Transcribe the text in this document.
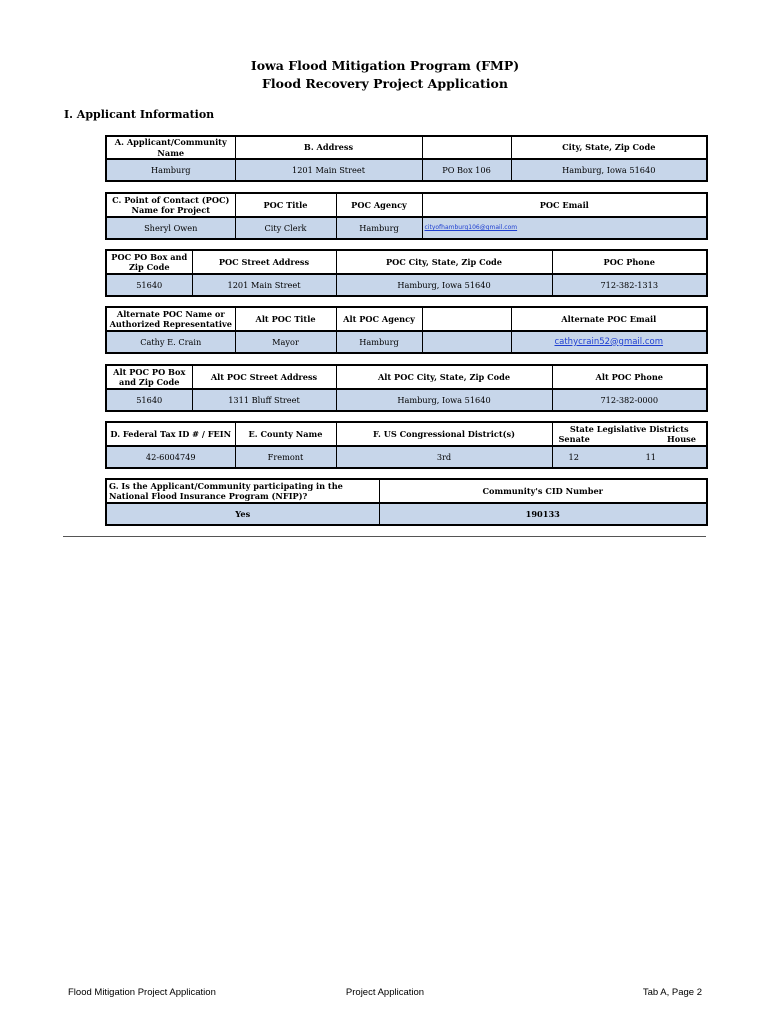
Iowa Flood Mitigation Program (FMP)
Flood Recovery Project Application
I. Applicant Information
A. Applicant/Community Name	B. Address		City, State, Zip Code
Hamburg	1201 Main Street	PO Box 106	Hamburg, Iowa 51640
C. Point of Contact (POC) Name for Project	POC Title	POC Agency	POC Email
Sheryl Owen	City Clerk	Hamburg	cityofhamburg106@gmail.com
POC PO Box and Zip Code	POC Street Address	POC City, State, Zip Code	POC Phone
51640	1201 Main Street	Hamburg, Iowa 51640	712-382-1313
Alternate POC Name or Authorized Representative	Alt POC Title	Alt POC Agency		Alternate POC Email
Cathy E. Crain	Mayor	Hamburg		cathycrain52@gmail.com
Alt POC PO Box and Zip Code	Alt POC Street Address	Alt POC City, State, Zip Code	Alt POC Phone
51640	1311 Bluff Street	Hamburg, Iowa 51640	712-382-0000
D. Federal Tax ID # / FEIN	E. County Name	F. US Congressional District(s)	State Legislative Districts
Senate House

42-6004749	Fremont	3rd	12 11
G. Is the Applicant/Community participating in the National Flood Insurance Program (NFIP)?	Community's CID Number
Yes	190133
Flood Mitigation Project Application	Project Application	Tab A, Page 2
